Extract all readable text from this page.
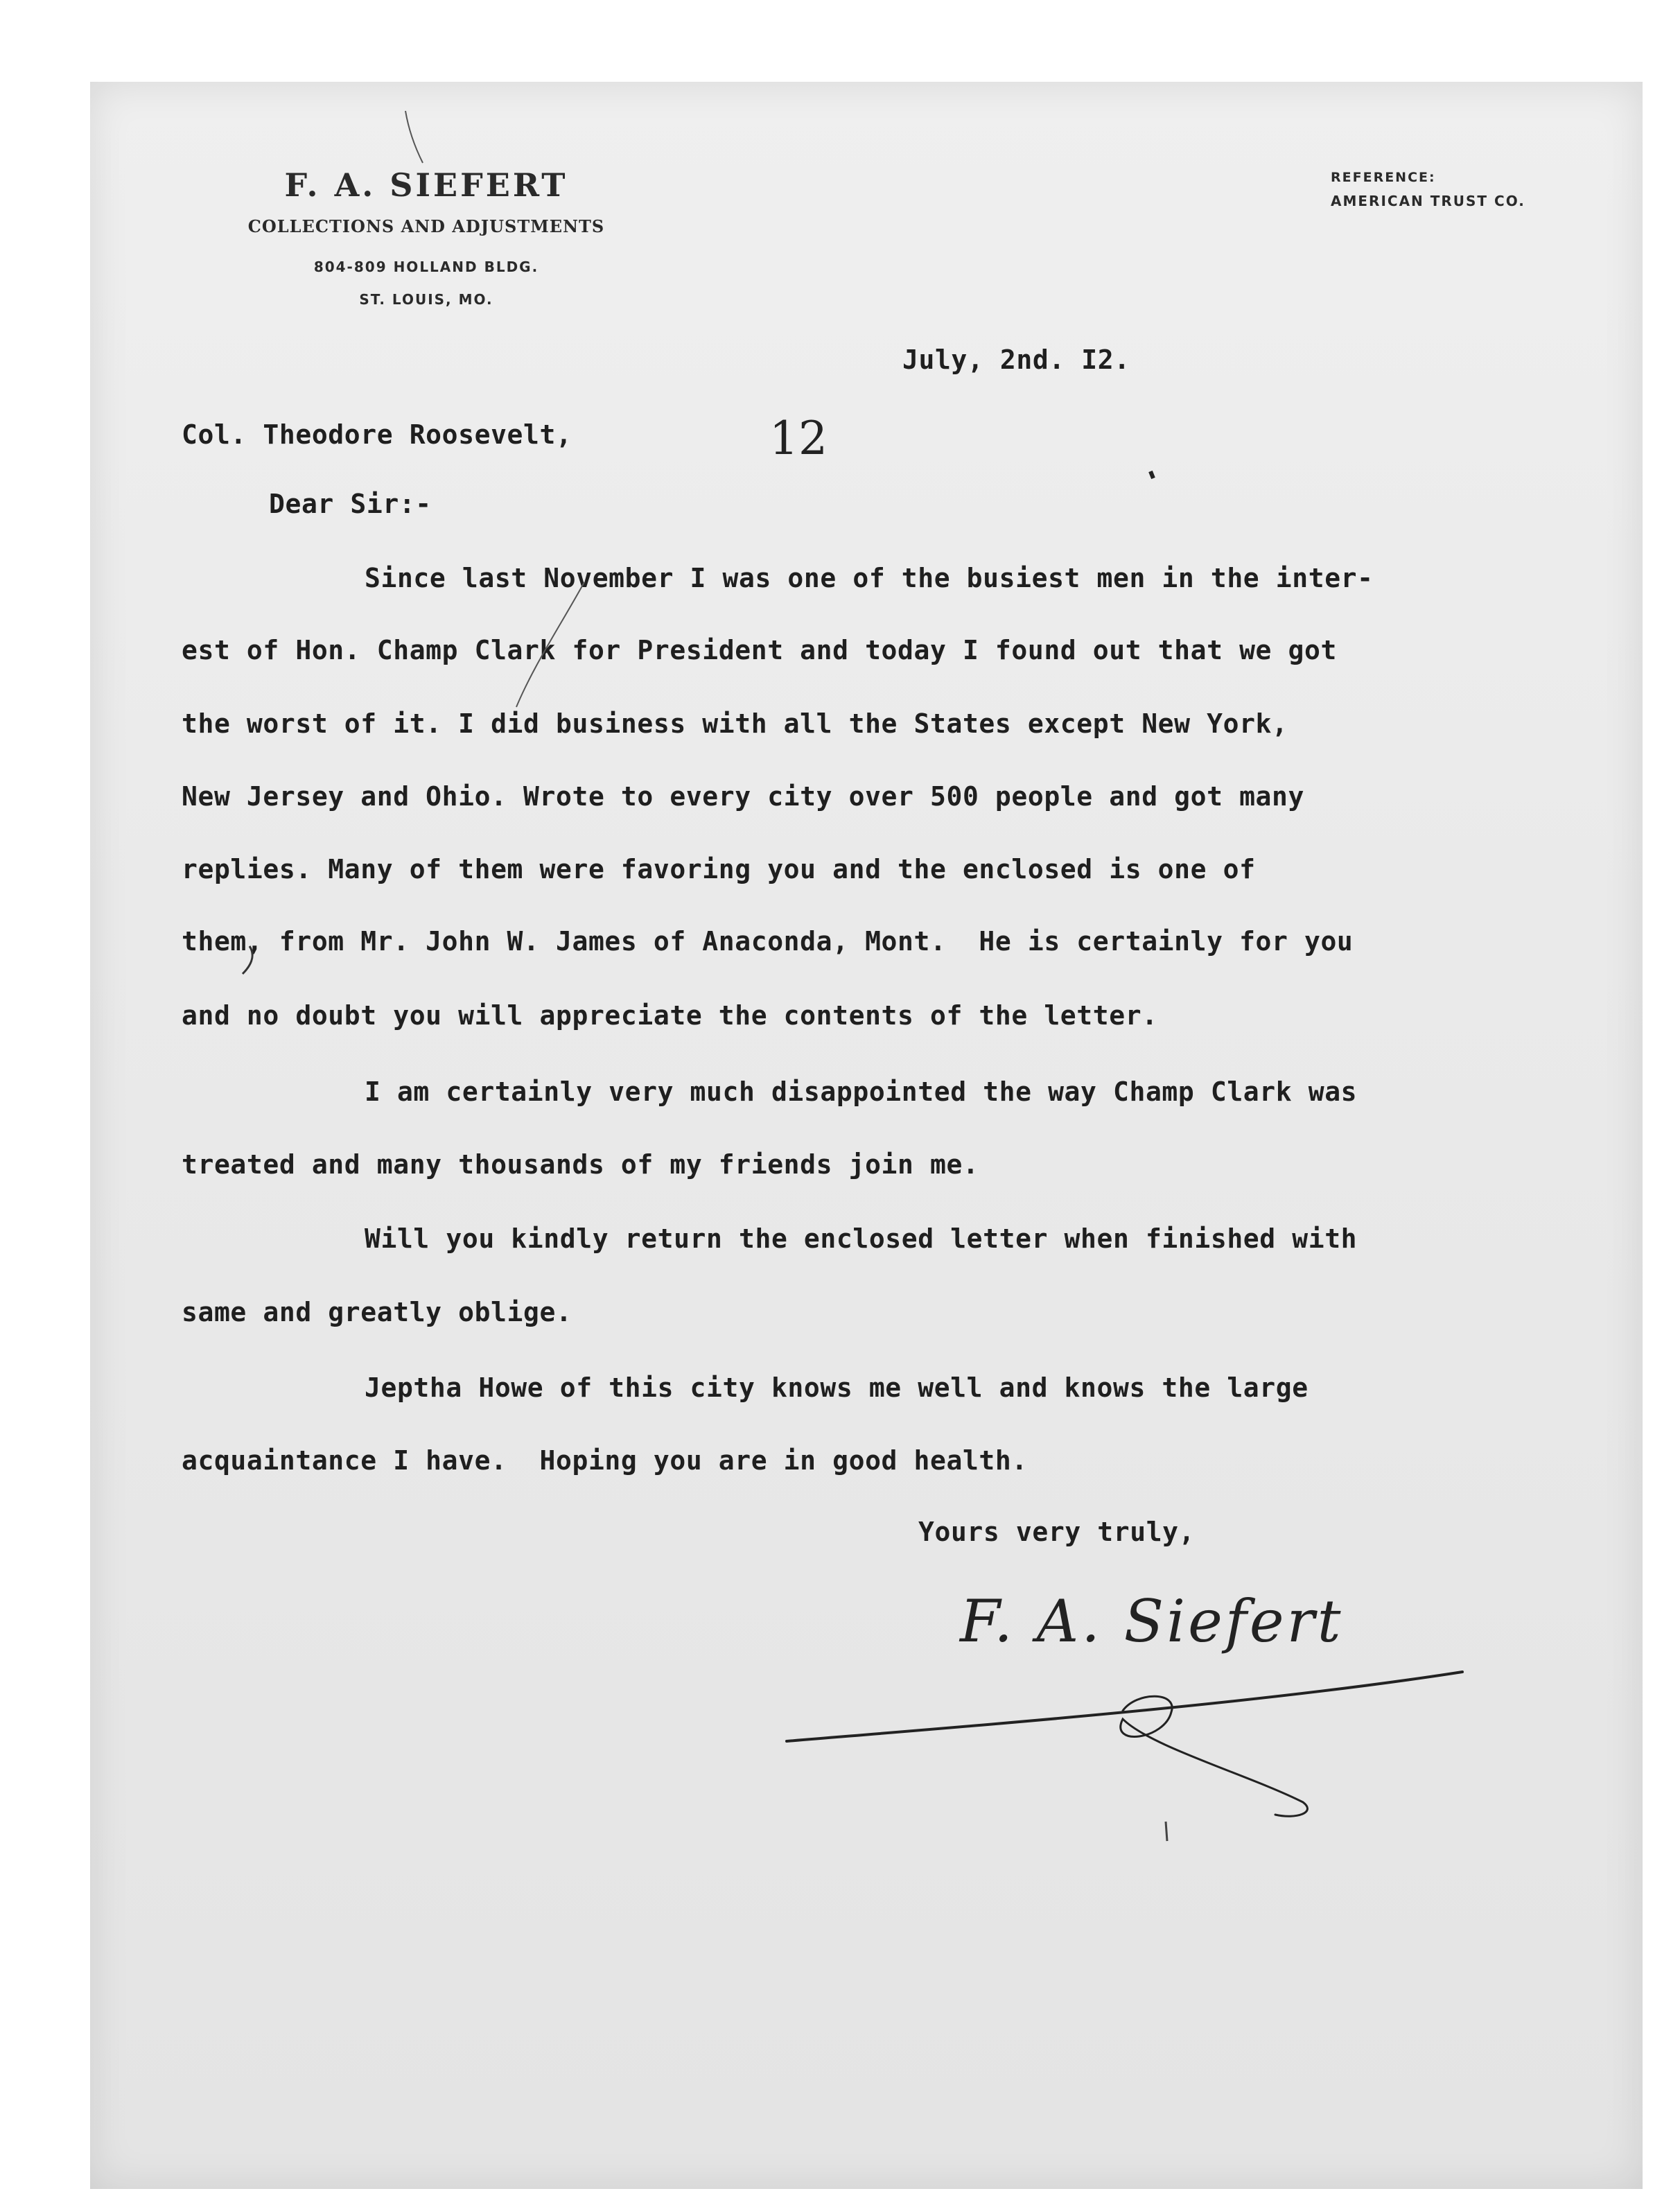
F. A. SIEFERT
COLLECTIONS AND ADJUSTMENTS
804-809 HOLLAND BLDG.
ST. LOUIS, MO.
REFERENCE:
AMERICAN TRUST CO.
July, 2nd. I2.
Col. Theodore Roosevelt,	12
Dear Sir:-
Since last November I was one of the busiest men in the inter-
est of Hon. Champ Clark for President and today I found out that we got
the worst of it. I did business with all the States except New York,
New Jersey and Ohio. Wrote to every city over 500 people and got many
replies. Many of them were favoring you and the enclosed is one of
them, from Mr. John W. James of Anaconda, Mont.  He is certainly for you
and no doubt you will appreciate the contents of the letter.
I am certainly very much disappointed the way Champ Clark was
treated and many thousands of my friends join me.
Will you kindly return the enclosed letter when finished with
same and greatly oblige.
Jeptha Howe of this city knows me well and knows the large
acquaintance I have.  Hoping you are in good health.
Yours very truly,
F. A. Siefert
